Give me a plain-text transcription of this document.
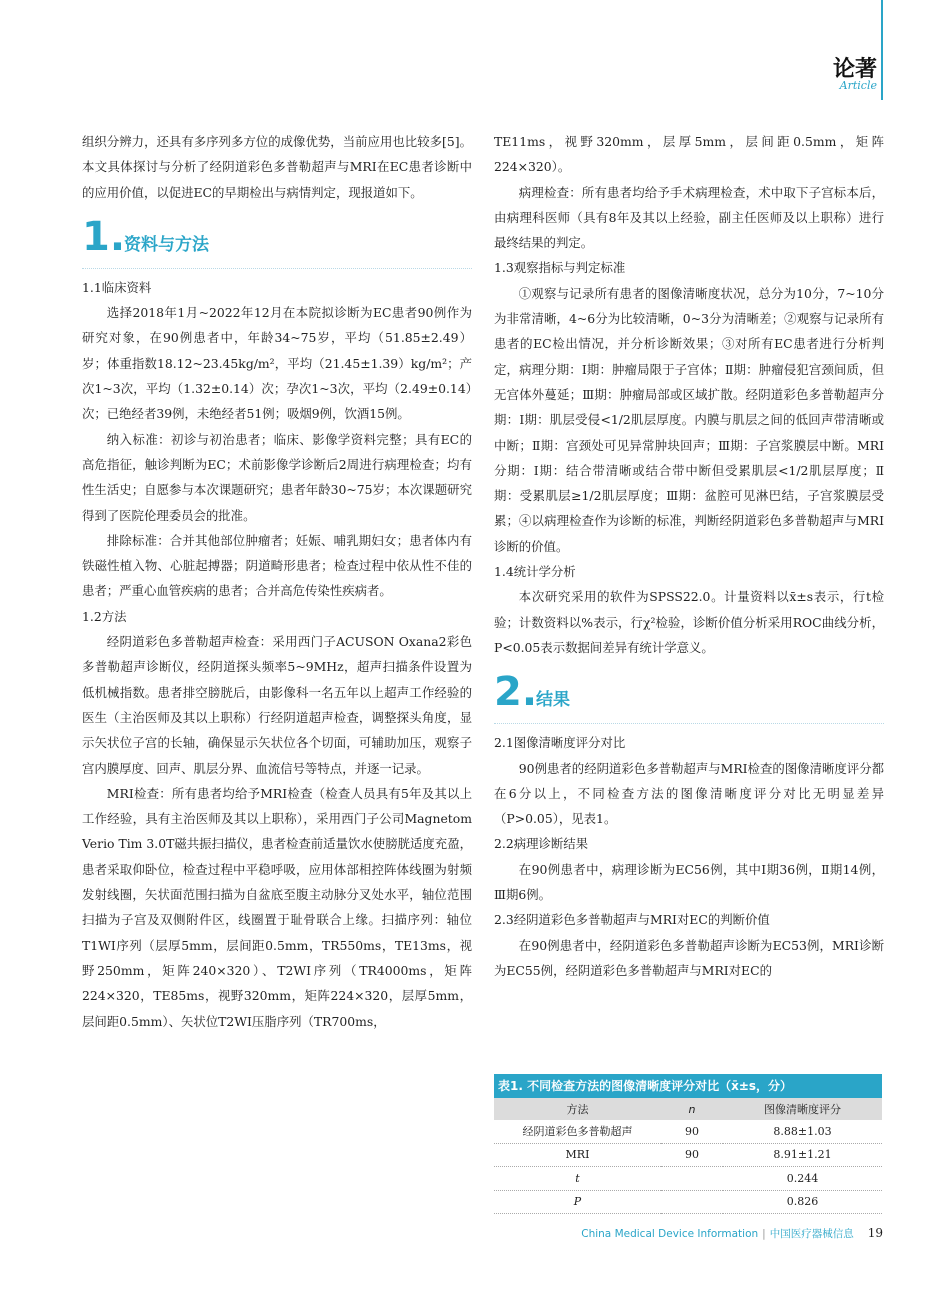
论著
Article

组织分辨力，还具有多序列多方位的成像优势，当前应用也比较多[5]。本文具体探讨与分析了经阴道彩色多普勒超声与MRI在EC患者诊断中的应用价值，以促进EC的早期检出与病情判定，现报道如下。

1.
资料与方法

1.1临床资料

选择2018年1月~2022年12月在本院拟诊断为EC患者90例作为研究对象，在90例患者中，年龄34~75岁，平均（51.85±2.49）岁；体重指数18.12~23.45kg/m²，平均（21.45±1.39）kg/m²；产次1~3次，平均（1.32±0.14）次；孕次1~3次，平均（2.49±0.14）次；已绝经者39例，未绝经者51例；吸烟9例，饮酒15例。

纳入标准：初诊与初治患者；临床、影像学资料完整；具有EC的高危指征，触诊判断为EC；术前影像学诊断后2周进行病理检查；均有性生活史；自愿参与本次课题研究；患者年龄30~75岁；本次课题研究得到了医院伦理委员会的批准。

排除标准：合并其他部位肿瘤者；妊娠、哺乳期妇女；患者体内有铁磁性植入物、心脏起搏器；阴道畸形患者；检查过程中依从性不佳的患者；严重心血管疾病的患者；合并高危传染性疾病者。

1.2方法

经阴道彩色多普勒超声检查：采用西门子ACUSON Oxana2彩色多普勒超声诊断仪，经阴道探头频率5~9MHz，超声扫描条件设置为低机械指数。患者排空膀胱后，由影像科一名五年以上超声工作经验的医生（主治医师及其以上职称）行经阴道超声检查，调整探头角度，显示矢状位子宫的长轴，确保显示矢状位各个切面，可辅助加压，观察子宫内膜厚度、回声、肌层分界、血流信号等特点，并逐一记录。

MRI检查：所有患者均给予MRI检查（检查人员具有5年及其以上工作经验，具有主治医师及其以上职称），采用西门子公司Magnetom Verio Tim 3.0T磁共振扫描仪，患者检查前适量饮水使膀胱适度充盈，患者采取仰卧位，检查过程中平稳呼吸，应用体部相控阵体线圈为射频发射线圈，矢状面范围扫描为自盆底至腹主动脉分叉处水平，轴位范围扫描为子宫及双侧附件区，线圈置于耻骨联合上缘。扫描序列：轴位T1WI序列（层厚5mm，层间距0.5mm，TR550ms，TE13ms，视野250mm，矩阵240×320）、T2WI序列（TR4000ms，矩阵224×320，TE85ms，视野320mm，矩阵224×320，层厚5mm，层间距0.5mm）、矢状位T2WI压脂序列（TR700ms，

TE11ms，视野320mm，层厚5mm，层间距0.5mm，矩阵224×320）。

病理检查：所有患者均给予手术病理检查，术中取下子宫标本后，由病理科医师（具有8年及其以上经验，副主任医师及以上职称）进行最终结果的判定。

1.3观察指标与判定标准

①观察与记录所有患者的图像清晰度状况，总分为10分，7~10分为非常清晰，4~6分为比较清晰，0~3分为清晰差；②观察与记录所有患者的EC检出情况，并分析诊断效果；③对所有EC患者进行分析判定，病理分期：Ⅰ期：肿瘤局限于子宫体；Ⅱ期：肿瘤侵犯宫颈间质，但无宫体外蔓延；Ⅲ期：肿瘤局部或区域扩散。经阴道彩色多普勒超声分期：Ⅰ期：肌层受侵<1/2肌层厚度。内膜与肌层之间的低回声带清晰或中断；Ⅱ期：宫颈处可见异常肿块回声；Ⅲ期：子宫浆膜层中断。MRI分期：Ⅰ期：结合带清晰或结合带中断但受累肌层<1/2肌层厚度；Ⅱ期：受累肌层≥1/2肌层厚度；Ⅲ期：盆腔可见淋巴结，子宫浆膜层受累；④以病理检查作为诊断的标准，判断经阴道彩色多普勒超声与MRI诊断的价值。

1.4统计学分析

本次研究采用的软件为SPSS22.0。计量资料以x̄±s表示，行t检验；计数资料以%表示，行χ²检验，诊断价值分析采用ROC曲线分析，P<0.05表示数据间差异有统计学意义。

2.
结果

2.1图像清晰度评分对比

90例患者的经阴道彩色多普勒超声与MRI检查的图像清晰度评分都在6分以上，不同检查方法的图像清晰度评分对比无明显差异（P>0.05），见表1。

2.2病理诊断结果

在90例患者中，病理诊断为EC56例，其中Ⅰ期36例，Ⅱ期14例，Ⅲ期6例。

2.3经阴道彩色多普勒超声与MRI对EC的判断价值

在90例患者中，经阴道彩色多普勒超声诊断为EC53例，MRI诊断为EC55例，经阴道彩色多普勒超声与MRI对EC的

表1. 不同检查方法的图像清晰度评分对比（x̄±s，分）
方法	n	图像清晰度评分
经阴道彩色多普勒超声	90	8.88±1.03
MRI	90	8.91±1.21
t		0.244
P		0.826
China Medical Device Information | 中国医疗器械信息 19
